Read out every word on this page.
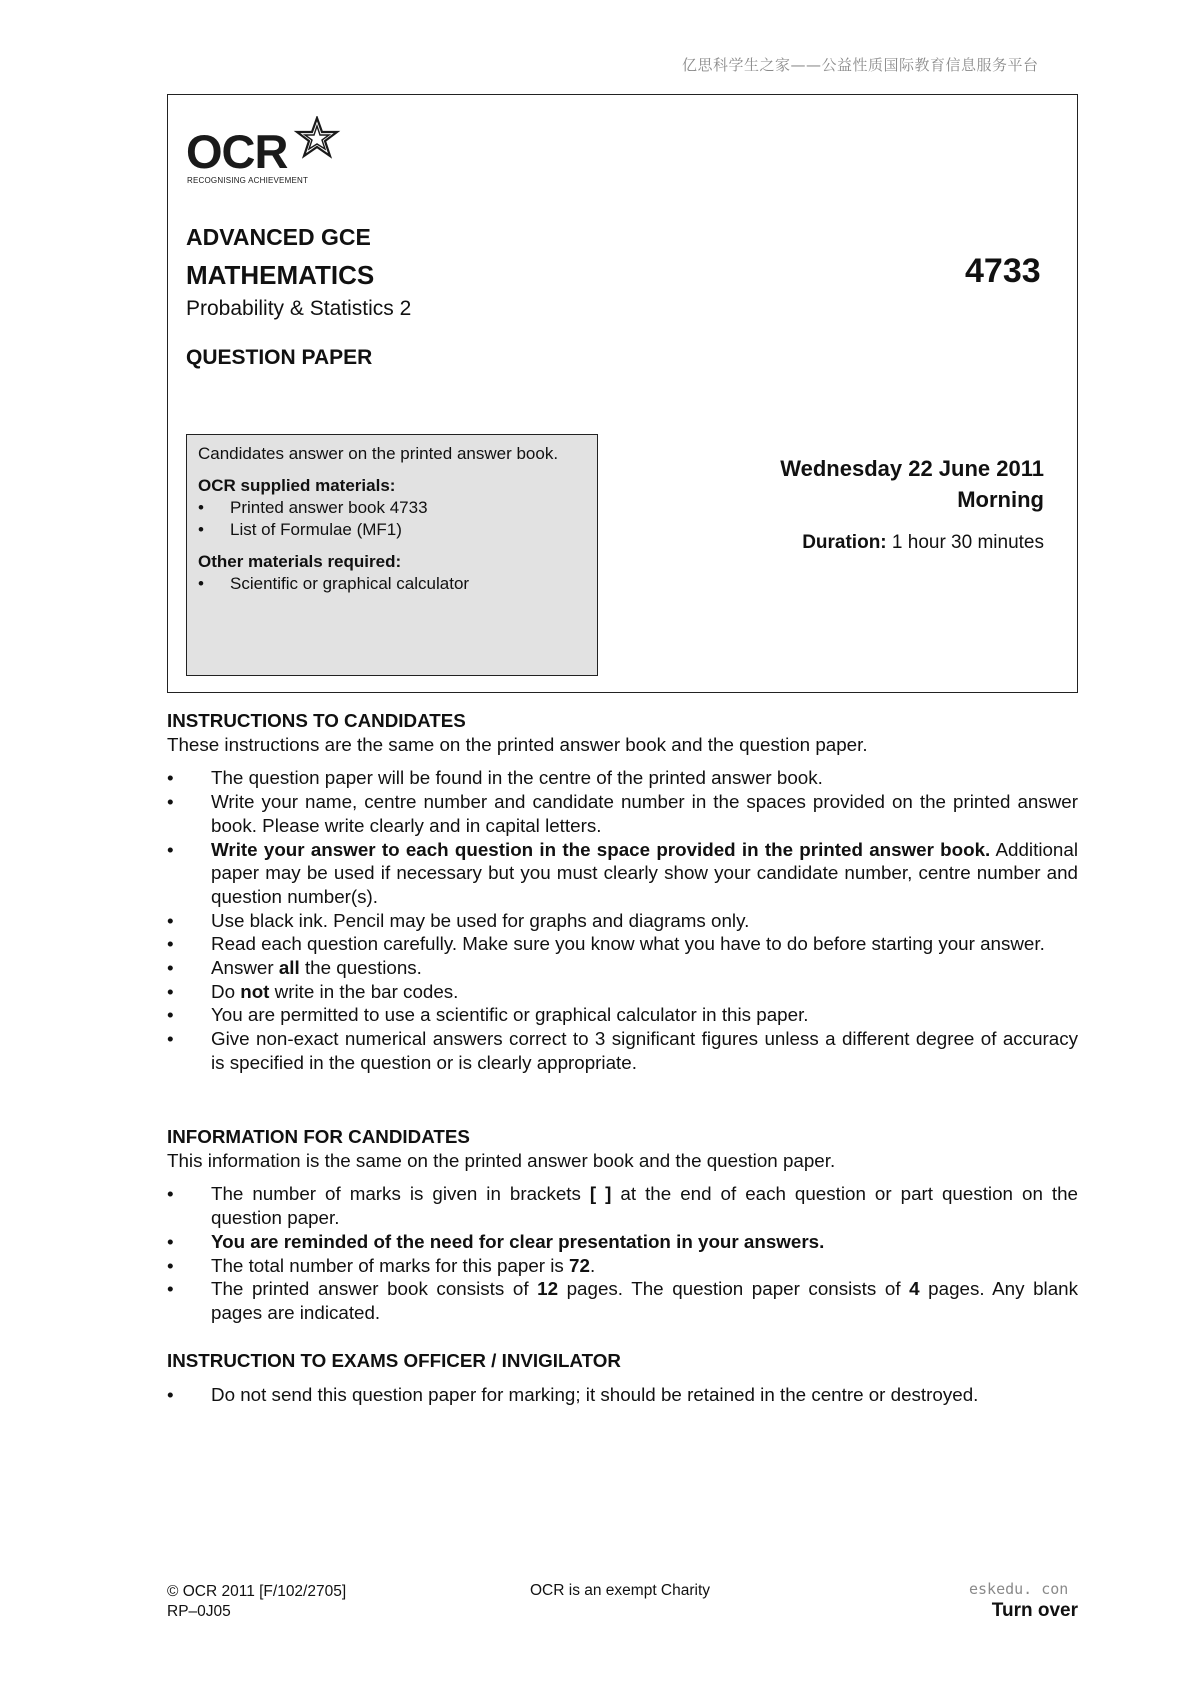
亿思科学生之家——公益性质国际教育信息服务平台
OCR
RECOGNISING ACHIEVEMENT
ADVANCED GCE
MATHEMATICS	4733
Probability & Statistics 2
QUESTION PAPER
Candidates answer on the printed answer book.
OCR supplied materials:
• Printed answer book 4733
• List of Formulae (MF1)
Other materials required:
• Scientific or graphical calculator
Wednesday 22 June 2011
Morning
Duration: 1 hour 30 minutes
INSTRUCTIONS TO CANDIDATES
These instructions are the same on the printed answer book and the question paper.
• The question paper will be found in the centre of the printed answer book.
• Write your name, centre number and candidate number in the spaces provided on the printed answer book. Please write clearly and in capital letters.
• Write your answer to each question in the space provided in the printed answer book. Additional paper may be used if necessary but you must clearly show your candidate number, centre number and question number(s).
• Use black ink. Pencil may be used for graphs and diagrams only.
• Read each question carefully. Make sure you know what you have to do before starting your answer.
• Answer all the questions.
• Do not write in the bar codes.
• You are permitted to use a scientific or graphical calculator in this paper.
• Give non-exact numerical answers correct to 3 significant figures unless a different degree of accuracy is specified in the question or is clearly appropriate.
INFORMATION FOR CANDIDATES
This information is the same on the printed answer book and the question paper.
• The number of marks is given in brackets [ ] at the end of each question or part question on the question paper.
• You are reminded of the need for clear presentation in your answers.
• The total number of marks for this paper is 72.
• The printed answer book consists of 12 pages. The question paper consists of 4 pages. Any blank pages are indicated.
INSTRUCTION TO EXAMS OFFICER / INVIGILATOR
• Do not send this question paper for marking; it should be retained in the centre or destroyed.
© OCR 2011 [F/102/2705]
RP–0J05
OCR is an exempt Charity	eskedu. con
Turn over
